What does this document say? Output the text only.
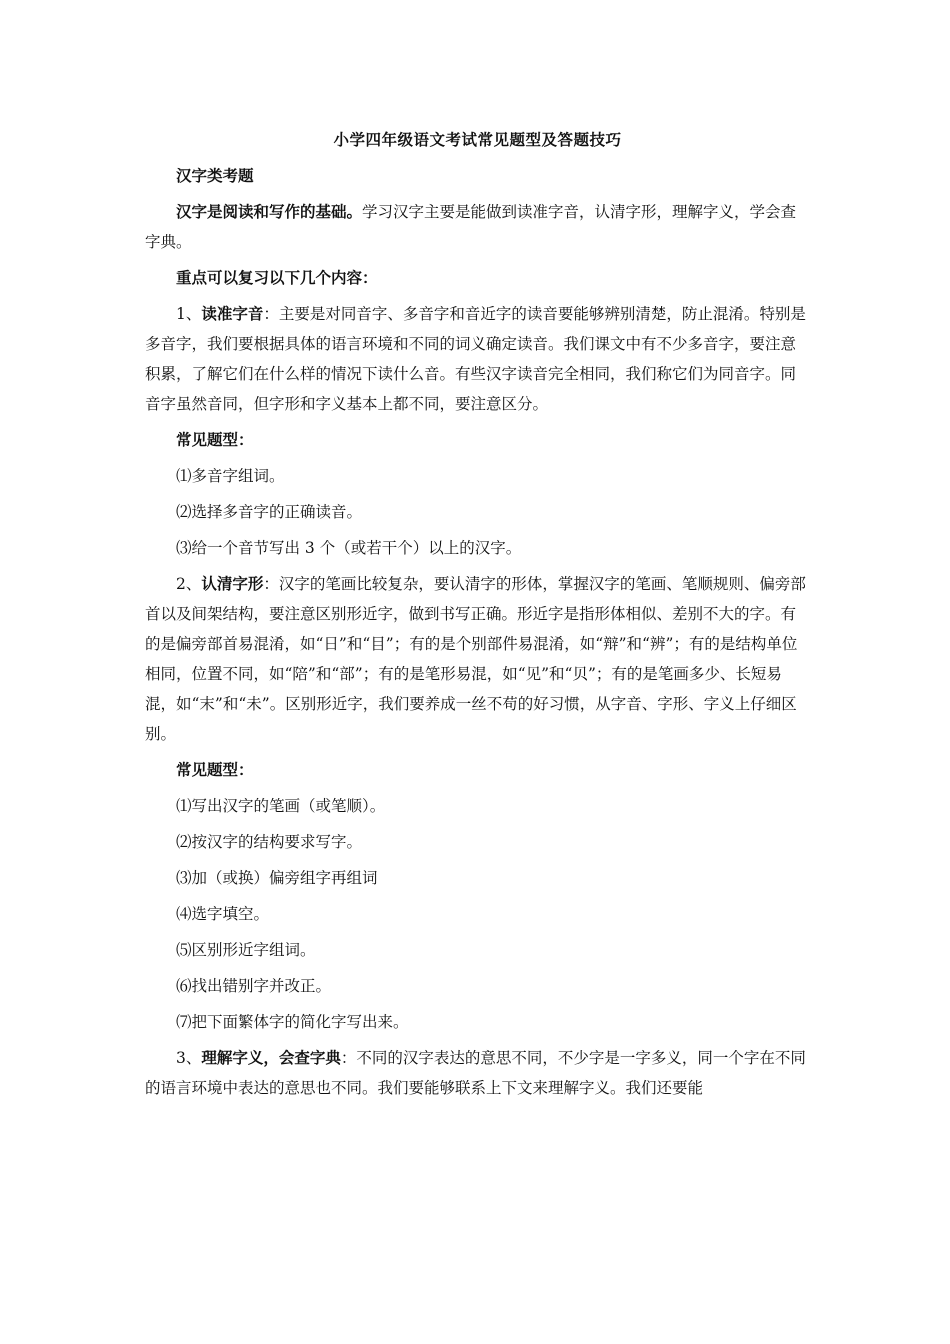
小学四年级语文考试常见题型及答题技巧

汉字类考题

汉字是阅读和写作的基础。学习汉字主要是能做到读准字音，认清字形，理解字义，学会查字典。

重点可以复习以下几个内容：

1、读准字音：主要是对同音字、多音字和音近字的读音要能够辨别清楚，防止混淆。特别是多音字，我们要根据具体的语言环境和不同的词义确定读音。我们课文中有不少多音字，要注意积累，了解它们在什么样的情况下读什么音。有些汉字读音完全相同，我们称它们为同音字。同音字虽然音同，但字形和字义基本上都不同，要注意区分。

常见题型：

⑴多音字组词。

⑵选择多音字的正确读音。

⑶给一个音节写出 3 个（或若干个）以上的汉字。

2、认清字形：汉字的笔画比较复杂，要认清字的形体，掌握汉字的笔画、笔顺规则、偏旁部首以及间架结构，要注意区别形近字，做到书写正确。形近字是指形体相似、差别不大的字。有的是偏旁部首易混淆，如“日”和“目”；有的是个别部件易混淆，如“辩”和“辨”；有的是结构单位相同，位置不同，如“陪”和“部”；有的是笔形易混，如“见”和“贝”；有的是笔画多少、长短易混，如“末”和“未”。区别形近字，我们要养成一丝不苟的好习惯，从字音、字形、字义上仔细区别。

常见题型：

⑴写出汉字的笔画（或笔顺）。

⑵按汉字的结构要求写字。

⑶加（或换）偏旁组字再组词

⑷选字填空。

⑸区别形近字组词。

⑹找出错别字并改正。

⑺把下面繁体字的简化字写出来。

3、理解字义，会查字典：不同的汉字表达的意思不同，不少字是一字多义，同一个字在不同的语言环境中表达的意思也不同。我们要能够联系上下文来理解字义。我们还要能
